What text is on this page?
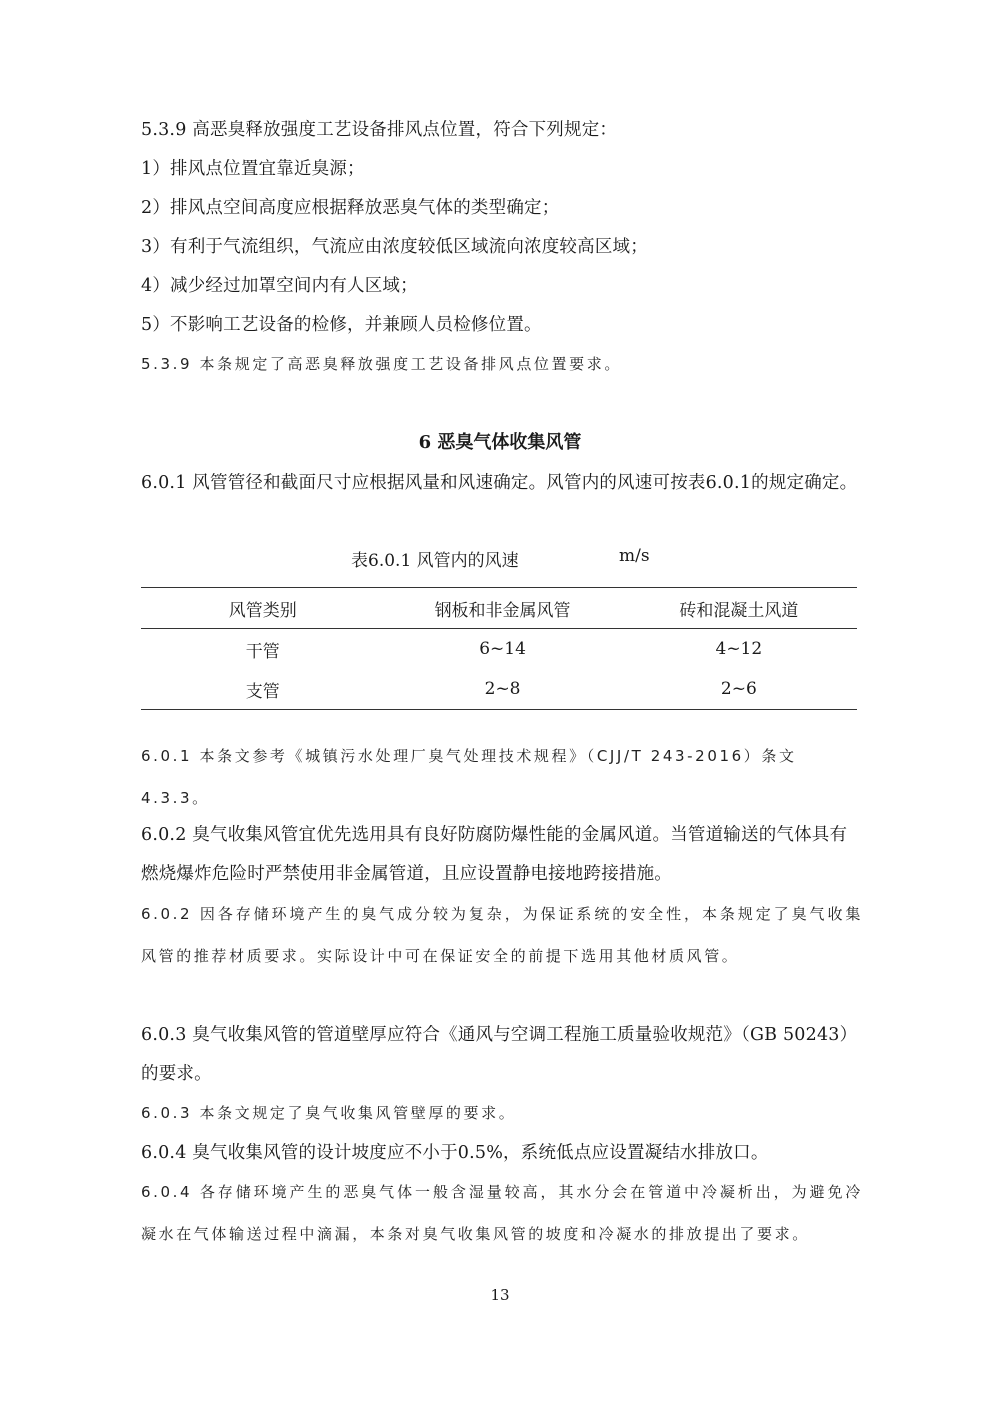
5.3.9 高恶臭释放强度工艺设备排风点位置，符合下列规定：

1）排风点位置宜靠近臭源；

2）排风点空间高度应根据释放恶臭气体的类型确定；

3）有利于气流组织，气流应由浓度较低区域流向浓度较高区域；

4）减少经过加罩空间内有人区域；

5）不影响工艺设备的检修，并兼顾人员检修位置。

5.3.9 本条规定了高恶臭释放强度工艺设备排风点位置要求。

6 恶臭气体收集风管

6.0.1 风管管径和截面尺寸应根据风量和风速确定。风管内的风速可按表6.0.1的规定确定。

表6.0.1 风管内的风速	m/s
风管类别	钢板和非金属风管	砖和混凝土风道
干管	6~14	4~12
支管	2~8	2~6

6.0.1 本条文参考《城镇污水处理厂臭气处理技术规程》（CJJ/T 243-2016）条文4.3.3。

6.0.2 臭气收集风管宜优先选用具有良好防腐防爆性能的金属风道。当管道输送的气体具有燃烧爆炸危险时严禁使用非金属管道，且应设置静电接地跨接措施。

6.0.2 因各存储环境产生的臭气成分较为复杂，为保证系统的安全性，本条规定了臭气收集风管的推荐材质要求。实际设计中可在保证安全的前提下选用其他材质风管。

6.0.3 臭气收集风管的管道壁厚应符合《通风与空调工程施工质量验收规范》（GB 50243）的要求。

6.0.3 本条文规定了臭气收集风管壁厚的要求。

6.0.4 臭气收集风管的设计坡度应不小于0.5%，系统低点应设置凝结水排放口。

6.0.4 各存储环境产生的恶臭气体一般含湿量较高，其水分会在管道中冷凝析出，为避免冷凝水在气体输送过程中滴漏，本条对臭气收集风管的坡度和冷凝水的排放提出了要求。

13
